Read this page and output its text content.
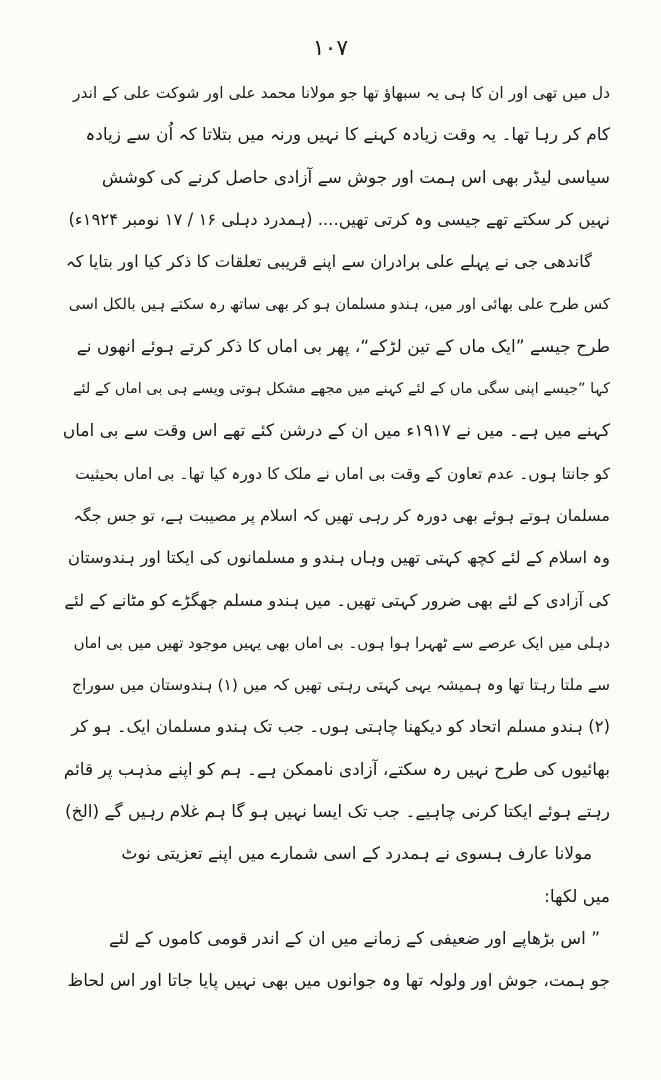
۱۰۷
دل میں تھی اور ان کا ہی یہ سبھاؤ تھا جو مولانا محمد علی اور شوکت علی کے اندر
کام کر رہا تھا۔ یہ وقت زیادہ کہنے کا نہیں ورنہ میں بتلاتا کہ اُن سے زیادہ
سیاسی لیڈر بھی اس ہمت اور جوش سے آزادی حاصل کرنے کی کوشش
نہیں کر سکتے تھے جیسی وہ کرتی تھیں.... (ہمدرد دہلی ۱۶ / ۱۷ نومبر ۱۹۲۴ء)
گاندھی جی نے پہلے علی برادران سے اپنے قریبی تعلقات کا ذکر کیا اور بتایا کہ
کس طرح علی بھائی اور میں، ہندو مسلمان ہو کر بھی ساتھ رہ سکتے ہیں بالکل اسی
طرح جیسے ”ایک ماں کے تین لڑکے“، پھر بی اماں کا ذکر کرتے ہوئے انھوں نے
کہا ”جیسے اپنی سگی ماں کے لئے کہنے میں مجھے مشکل ہوتی ویسے ہی بی اماں کے لئے
کہنے میں ہے۔ میں نے ۱۹۱۷ء میں ان کے درشن کئے تھے اس وقت سے بی اماں
کو جانتا ہوں۔ عدم تعاون کے وقت بی اماں نے ملک کا دورہ کیا تھا۔ بی اماں بحیثیت
مسلمان ہوتے ہوئے بھی دورہ کر رہی تھیں کہ اسلام پر مصیبت ہے، تو جس جگہ
وہ اسلام کے لئے کچھ کہتی تھیں وہاں ہندو و مسلمانوں کی ایکتا اور ہندوستان
کی آزادی کے لئے بھی ضرور کہتی تھیں۔ میں ہندو مسلم جھگڑے کو مٹانے کے لئے
دہلی میں ایک عرصے سے ٹھہرا ہوا ہوں۔ بی اماں بھی یہیں موجود تھیں میں بی اماں
سے ملتا رہتا تھا وہ ہمیشہ یہی کہتی رہتی تھیں کہ میں (۱) ہندوستان میں سوراج
(۲) ہندو مسلم اتحاد کو دیکھنا چاہتی ہوں۔ جب تک ہندو مسلمان ایک۔ ہو کر
بھائیوں کی طرح نہیں رہ سکتے، آزادی ناممکن ہے۔ ہم کو اپنے مذہب پر قائم
رہتے ہوئے ایکتا کرنی چاہیے۔ جب تک ایسا نہیں ہو گا ہم غلام رہیں گے (الخ)
مولانا عارف ہسوی نے ہمدرد کے اسی شمارے میں اپنے تعزیتی نوٹ
میں لکھا:
” اس بڑھاپے اور ضعیفی کے زمانے میں ان کے اندر قومی کاموں کے لئے
جو ہمت، جوش اور ولولہ تھا وہ جوانوں میں بھی نہیں پایا جاتا اور اس لحاظ
